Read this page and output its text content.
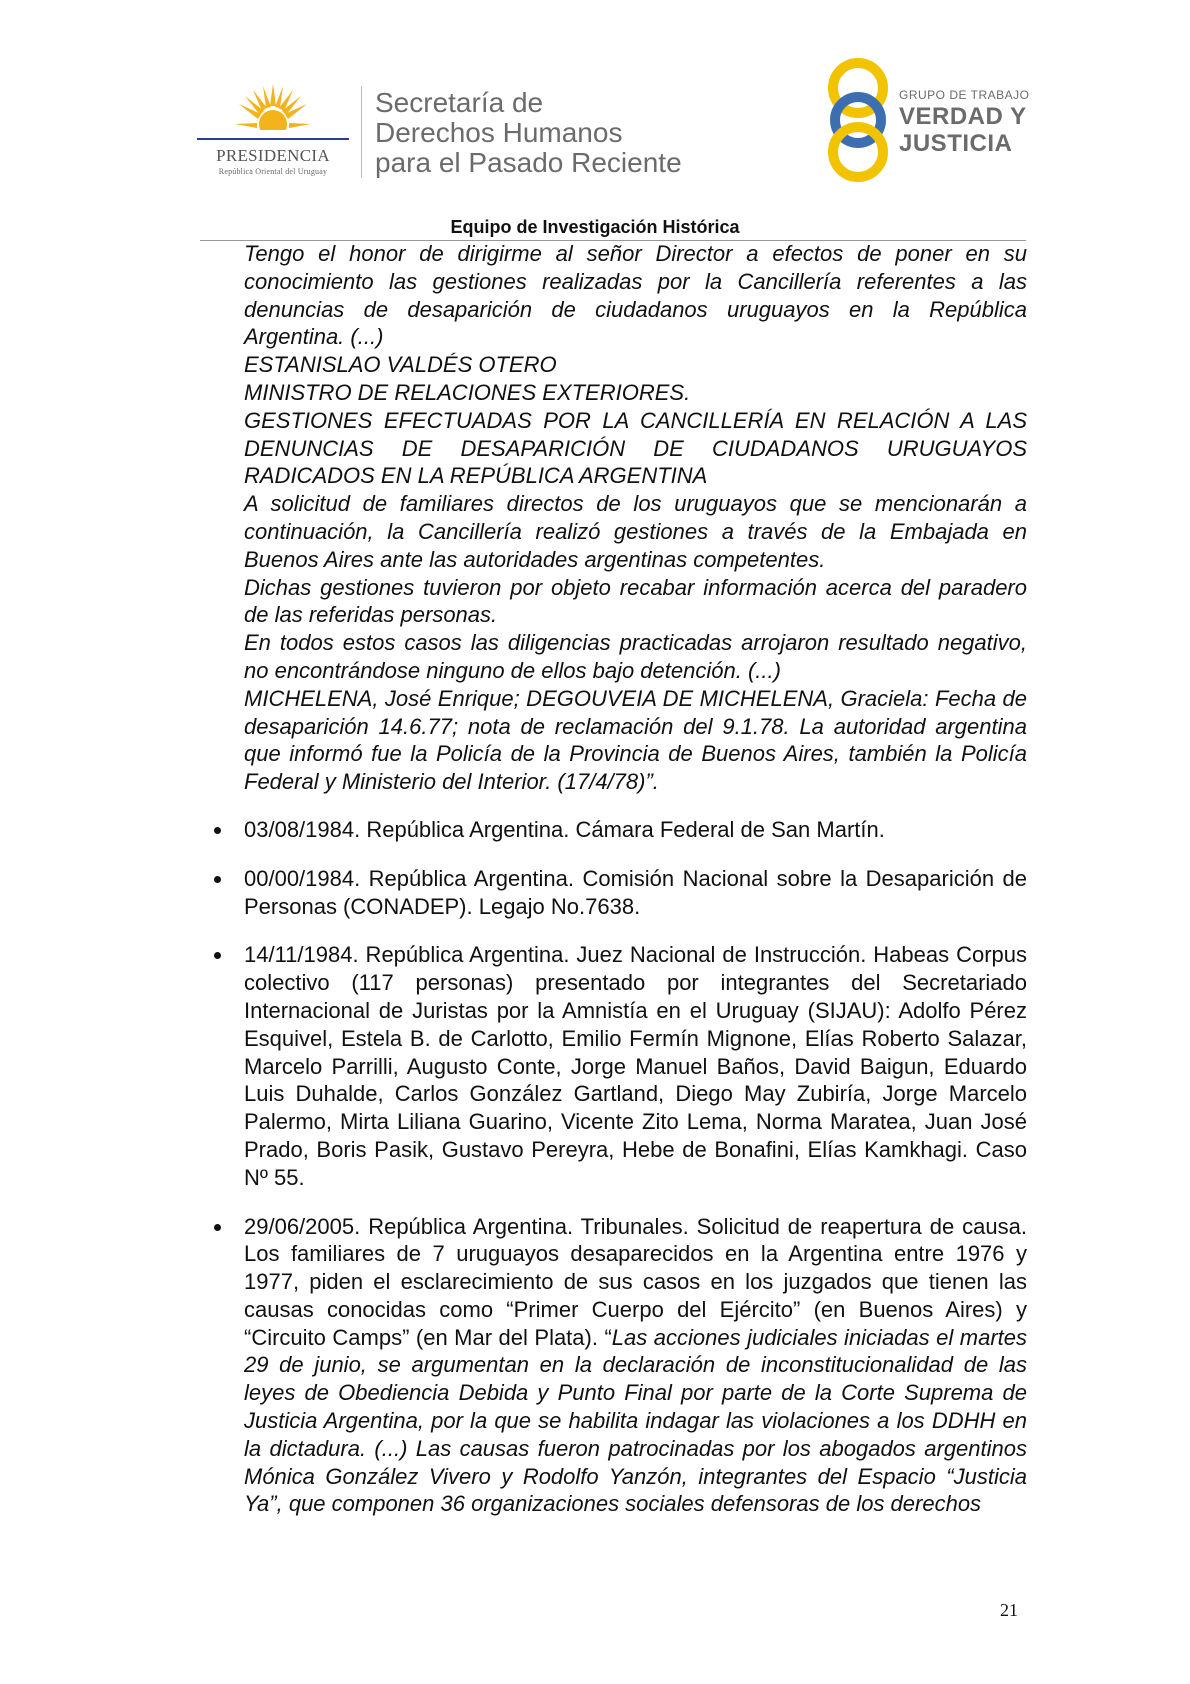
PRESIDENCIA
República Oriental del Uruguay
Secretaría de
Derechos Humanos
para el Pasado Reciente
GRUPO DE TRABAJO
VERDAD Y
JUSTICIA
Equipo de Investigación Histórica

Tengo el honor de dirigirme al señor Director a efectos de poner en su conocimiento las gestiones realizadas por la Cancillería referentes a las denuncias de desaparición de ciudadanos uruguayos en la República Argentina. (...)

ESTANISLAO VALDÉS OTERO

MINISTRO DE RELACIONES EXTERIORES.

GESTIONES EFECTUADAS POR LA CANCILLERÍA EN RELACIÓN A LAS DENUNCIAS DE DESAPARICIÓN DE CIUDADANOS URUGUAYOS RADICADOS EN LA REPÚBLICA ARGENTINA

A solicitud de familiares directos de los uruguayos que se mencionarán a continuación, la Cancillería realizó gestiones a través de la Embajada en Buenos Aires ante las autoridades argentinas competentes.

Dichas gestiones tuvieron por objeto recabar información acerca del paradero de las referidas personas.

En todos estos casos las diligencias practicadas arrojaron resultado negativo, no encontrándose ninguno de ellos bajo detención. (...)

MICHELENA, José Enrique; DEGOUVEIA DE MICHELENA, Graciela: Fecha de desaparición 14.6.77; nota de reclamación del 9.1.78. La autoridad argentina que informó fue la Policía de la Provincia de Buenos Aires, también la Policía Federal y Ministerio del Interior. (17/4/78)”.

03/08/1984. República Argentina. Cámara Federal de San Martín.
00/00/1984. República Argentina. Comisión Nacional sobre la Desaparición de Personas (CONADEP). Legajo No.7638.
14/11/1984. República Argentina. Juez Nacional de Instrucción. Habeas Corpus colectivo (117 personas) presentado por integrantes del Secretariado Internacional de Juristas por la Amnistía en el Uruguay (SIJAU): Adolfo Pérez Esquivel, Estela B. de Carlotto, Emilio Fermín Mignone, Elías Roberto Salazar, Marcelo Parrilli, Augusto Conte, Jorge Manuel Baños, David Baigun, Eduardo Luis Duhalde, Carlos González Gartland, Diego May Zubiría, Jorge Marcelo Palermo, Mirta Liliana Guarino, Vicente Zito Lema, Norma Maratea, Juan José Prado, Boris Pasik, Gustavo Pereyra, Hebe de Bonafini, Elías Kamkhagi. Caso Nº 55.
29/06/2005. República Argentina. Tribunales. Solicitud de reapertura de causa. Los familiares de 7 uruguayos desaparecidos en la Argentina entre 1976 y 1977, piden el esclarecimiento de sus casos en los juzgados que tienen las causas conocidas como “Primer Cuerpo del Ejército” (en Buenos Aires) y “Circuito Camps” (en Mar del Plata). “Las acciones judiciales iniciadas el martes 29 de junio, se argumentan en la declaración de inconstitucionalidad de las leyes de Obediencia Debida y Punto Final por parte de la Corte Suprema de Justicia Argentina, por la que se habilita indagar las violaciones a los DDHH en la dictadura. (...) Las causas fueron patrocinadas por los abogados argentinos Mónica González Vivero y Rodolfo Yanzón, integrantes del Espacio “Justicia Ya”, que componen 36 organizaciones sociales defensoras de los derechos
21
